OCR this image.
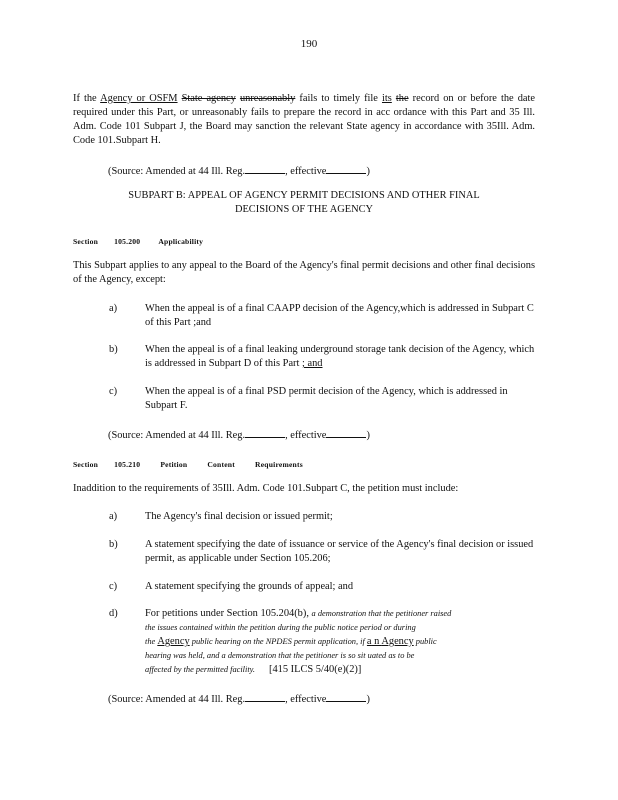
190
If the Agency or OSFM State agency unreasonably fails to timely file its the record on or before the date required under this Part, or unreasonably fails to prepare the record in acc ordance with this Part and 35 Ill. Adm. Code 101 Subpart J, the Board may sanction the relevant State agency in accordance with 35Ill. Adm. Code 101.Subpart H.
(Source: Amended at 44 Ill. Reg.	, effective	)
SUBPART B: APPEAL OF AGENCY PERMIT DECISIONS AND OTHER FINAL
DECISIONS OF THE AGENCY
Section 105.200 Applicability
This Subpart applies to any appeal to the Board of the Agency's final permit decisions and other final decisions of the Agency, except:
a)	When the appeal is of a final CAAPP decision of the Agency,which is addressed in Subpart C of this Part ;and
b)	When the appeal is of a final leaking underground storage tank decision of the Agency, which is addressed in Subpart D of this Part ; and
c)	When the appeal is of a final PSD permit decision of the Agency, which is addressed in Subpart F.
(Source: Amended at 44 Ill. Reg.	, effective	)
Section 105.210	Petition	Content	Requirements
Inaddition to the requirements of 35Ill. Adm. Code 101.Subpart C, the petition must include:
a)	The Agency's final decision or issued permit;
b)	A statement specifying the date of issuance or service of the Agency's final decision or issued permit, as applicable under Section 105.206;
c)	A statement specifying the grounds of appeal; and
d)	For petitions under Section 105.204(b), a demonstration that the petitioner raised
the issues contained within the petition during the public notice period or during
the Agency public hearing on the NPDES permit application, if a n Agency public
hearing was held, and a demonstration that the petitioner is so sit uated as to be
affected by the permitted facility. [415 ILCS 5/40(e)(2)]
(Source: Amended at 44 Ill. Reg.	, effective	)
